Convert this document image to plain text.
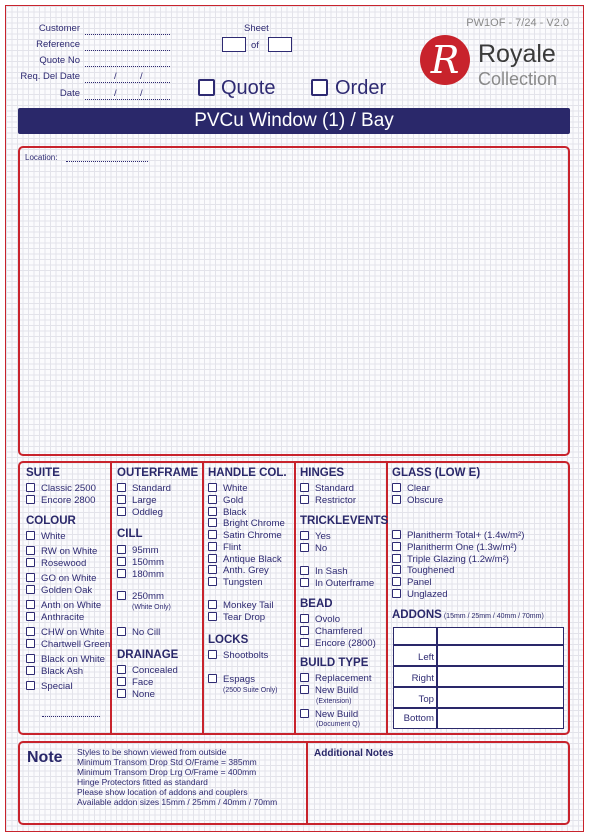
Customer
Reference
Quote No
Req. Del Date	/ /
Date	/ /
Sheet
of
Quote	Order
PW1OF - 7/24 - V2.0
R Royale
Collection
PVCu Window (1) / Bay
Location:
SUITE
Classic 2500
Encore 2800
COLOUR
White
RW on White
Rosewood
GO on White
Golden Oak
Anth on White
Anthracite
CHW on White
Chartwell Green
Black on White
Black Ash
Special
OUTERFRAME
Standard
Large
Oddleg
CILL
95mm
150mm
180mm
250mm
(White Only)
No Cill
DRAINAGE
Concealed
Face
None
HANDLE COL.
White
Gold
Black
Bright Chrome
Satin Chrome
Flint
Antique Black
Anth. Grey
Tungsten
Monkey Tail
Tear Drop
LOCKS
Shootbolts
Espags
(2500 Suite Only)
HINGES
Standard
Restrictor
TRICKLEVENTS
Yes
No
In Sash
In Outerframe
BEAD
Ovolo
Chamfered
Encore (2800)
BUILD TYPE
Replacement
New Build
(Extension)
New Build
(Document Q)
GLASS (LOW E)
Clear
Obscure
Planitherm Total+ (1.4w/m²)
Planitherm One (1.3w/m²)
Triple Glazing (1.2w/m²)
Toughened
Panel
Unglazed
ADDONS (15mm / 25mm / 40mm / 70mm)
Left
Right
Top
Bottom
Note Styles to be shown viewed from outside
Minimum Transom Drop Std O/Frame = 385mm
Minimum Transom Drop Lrg O/Frame = 400mm
Hinge Protectors fitted as standard
Please show location of addons and couplers
Available addon sizes 15mm / 25mm / 40mm / 70mm
Additional Notes
